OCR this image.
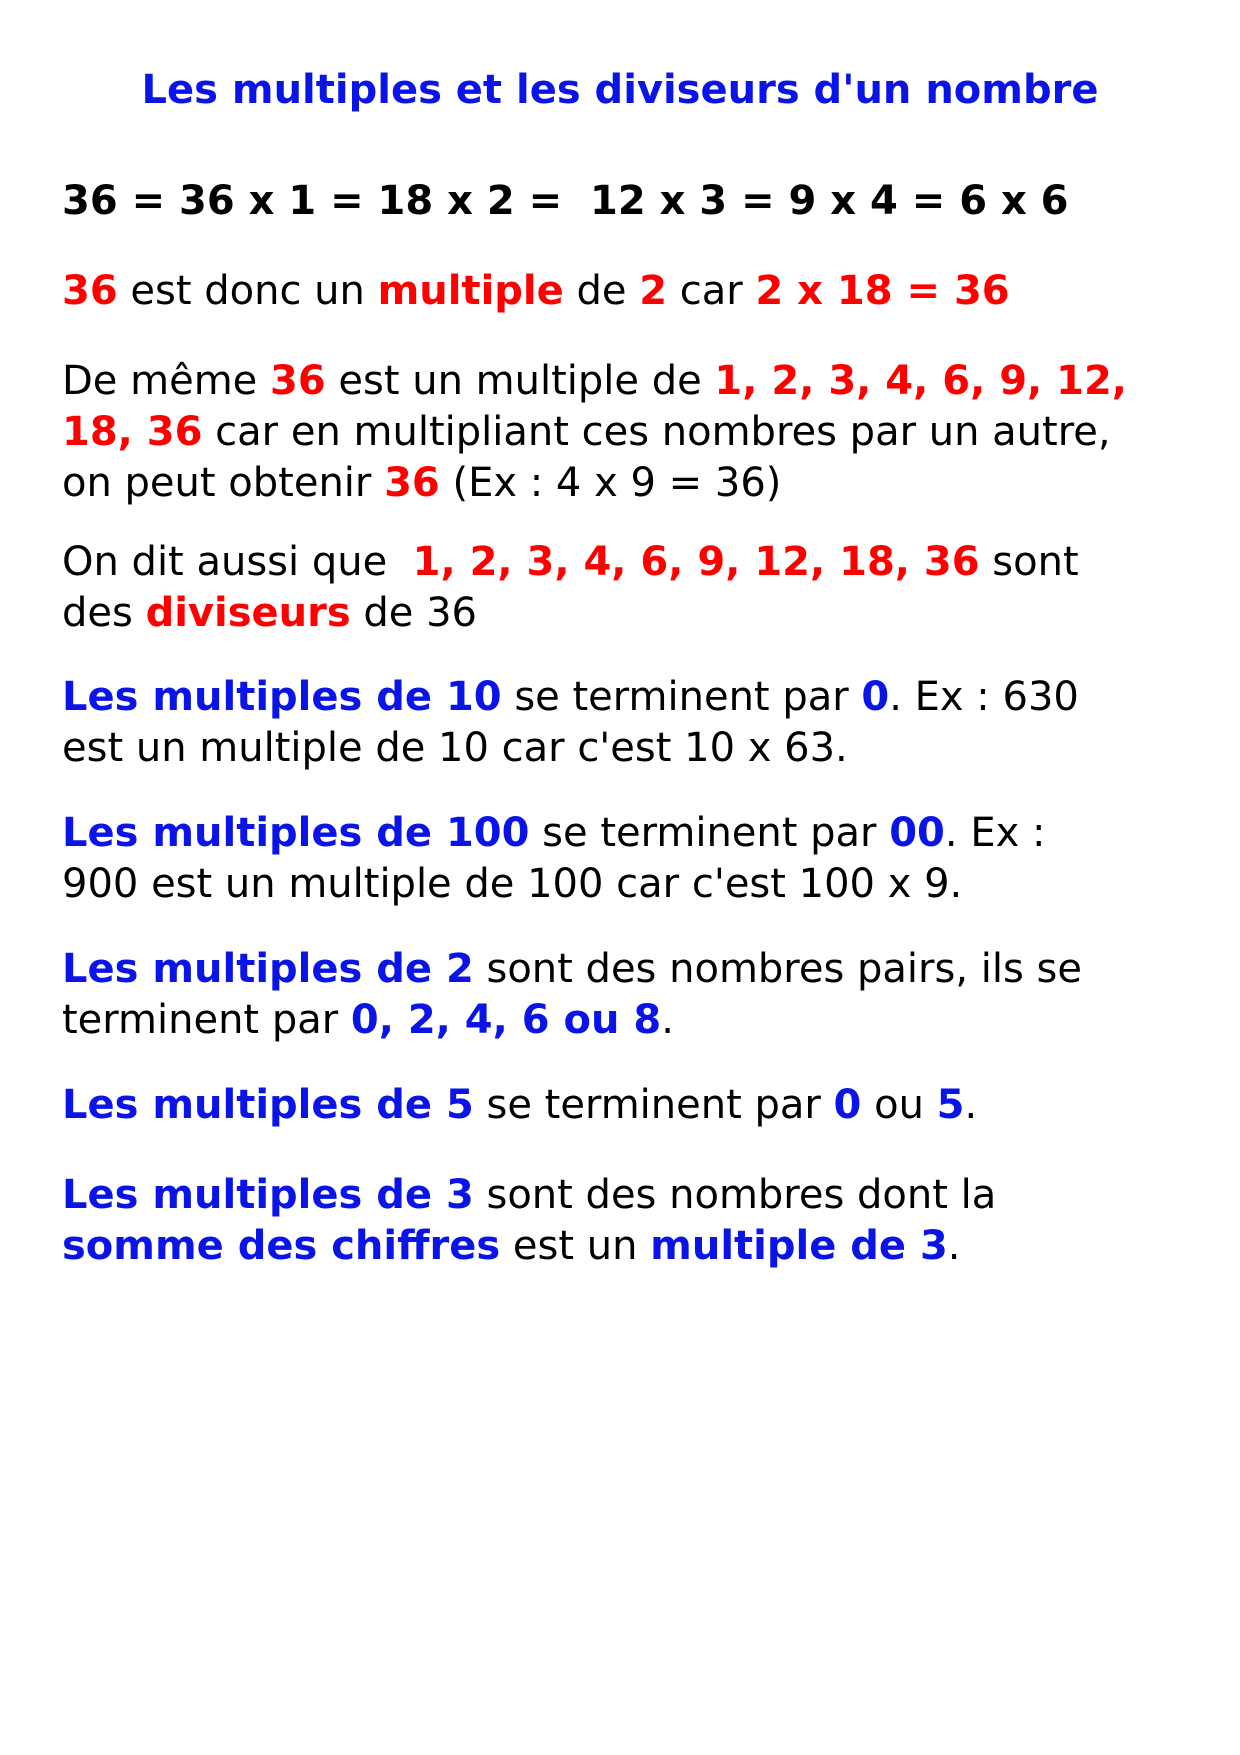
Les multiples et les diviseurs d'un nombre

36 = 36 x 1 = 18 x 2 =  12 x 3 = 9 x 4 = 6 x 6

36 est donc un multiple de 2 car 2 x 18 = 36

De même 36 est un multiple de 1, 2, 3, 4, 6, 9, 12,
18, 36 car en multipliant ces nombres par un autre,
on peut obtenir 36 (Ex : 4 x 9 = 36)

On dit aussi que  1, 2, 3, 4, 6, 9, 12, 18, 36 sont
des diviseurs de 36

Les multiples de 10 se terminent par 0. Ex : 630
est un multiple de 10 car c'est 10 x 63.

Les multiples de 100 se terminent par 00. Ex :
900 est un multiple de 100 car c'est 100 x 9.

Les multiples de 2 sont des nombres pairs, ils se
terminent par 0, 2, 4, 6 ou 8.

Les multiples de 5 se terminent par 0 ou 5.

Les multiples de 3 sont des nombres dont la
somme des chiffres est un multiple de 3.
